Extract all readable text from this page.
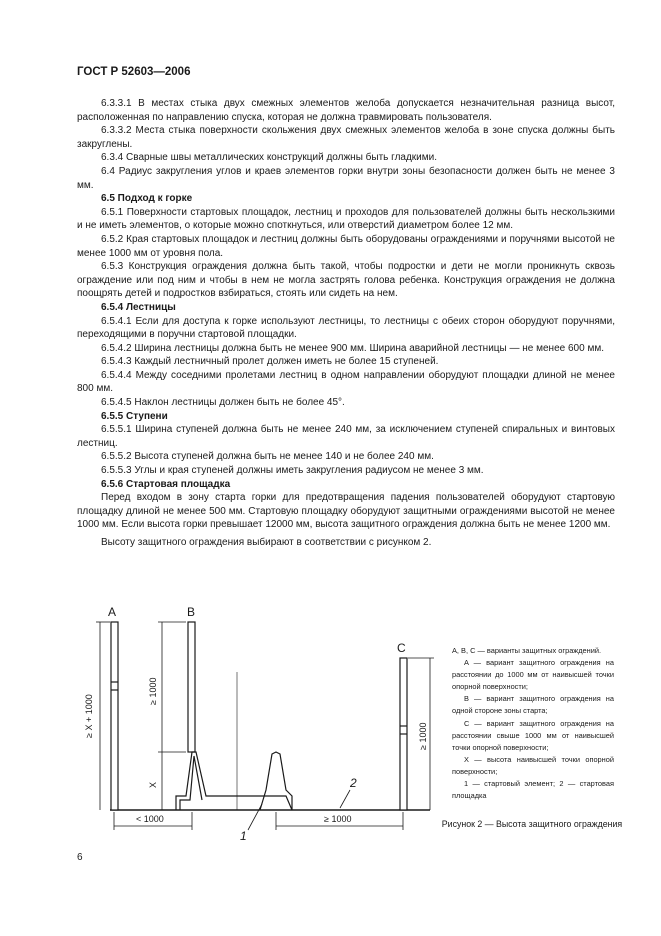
ГОСТ Р 52603—2006

6.3.3.1 В местах стыка двух смежных элементов желоба допускается незначительная разница высот, расположенная по направлению спуска, которая не должна травмировать пользователя.

6.3.3.2 Места стыка поверхности скольжения двух смежных элементов желоба в зоне спуска должны быть закруглены.

6.3.4 Сварные швы металлических конструкций должны быть гладкими.

6.4 Радиус закругления углов и краев элементов горки внутри зоны безопасности должен быть не менее 3 мм.

6.5 Подход к горке

6.5.1 Поверхности стартовых площадок, лестниц и проходов для пользователей должны быть нескользкими и не иметь элементов, о которые можно споткнуться, или отверстий диаметром более 12 мм.

6.5.2 Края стартовых площадок и лестниц должны быть оборудованы ограждениями и поручнями высотой не менее 1000 мм от уровня пола.

6.5.3 Конструкция ограждения должна быть такой, чтобы подростки и дети не могли проникнуть сквозь ограждение или под ним и чтобы в нем не могла застрять голова ребенка. Конструкция ограждения не должна поощрять детей и подростков взбираться, стоять или сидеть на нем.

6.5.4 Лестницы

6.5.4.1 Если для доступа к горке используют лестницы, то лестницы с обеих сторон оборудуют поручнями, переходящими в поручни стартовой площадки.

6.5.4.2 Ширина лестницы должна быть не менее 900 мм. Ширина аварийной лестницы — не менее 600 мм.

6.5.4.3 Каждый лестничный пролет должен иметь не более 15 ступеней.

6.5.4.4 Между соседними пролетами лестниц в одном направлении оборудуют площадки длиной не менее 800 мм.

6.5.4.5 Наклон лестницы должен быть не более 45°.

6.5.5 Ступени

6.5.5.1 Ширина ступеней должна быть не менее 240 мм, за исключением ступеней спиральных и винтовых лестниц.

6.5.5.2 Высота ступеней должна быть не менее 140 и не более 240 мм.

6.5.5.3 Углы и края ступеней должны иметь закругления радиусом не менее 3 мм.

6.5.6 Стартовая площадка

Перед входом в зону старта горки для предотвращения падения пользователей оборудуют стартовую площадку длиной не менее 500 мм. Стартовую площадку оборудуют защитными ограждениями высотой не менее 1000 мм. Если высота горки превышает 12000 мм, высота защитного ограждения должна быть не менее 1200 мм.

Высоту защитного ограждения выбирают в соответствии с рисунком 2.

A
≥ X + 1000
B
≥ 1000
X
C
≥ 1000
< 1000	≥ 1000
1
2
A, B, C — варианты защитных ограждений.
A — вариант защитного ограждения на расстоянии до 1000 мм от наивысшей точки опорной поверхности;
B — вариант защитного ограждения на одной стороне зоны старта;
C — вариант защитного ограждения на расстоянии свыше 1000 мм от наивысшей точки опорной поверхности;
X — высота наивысшей точки опорной поверхности;
1 — стартовый элемент; 2 — стартовая площадка
Рисунок 2 — Высота защитного ограждения
6
